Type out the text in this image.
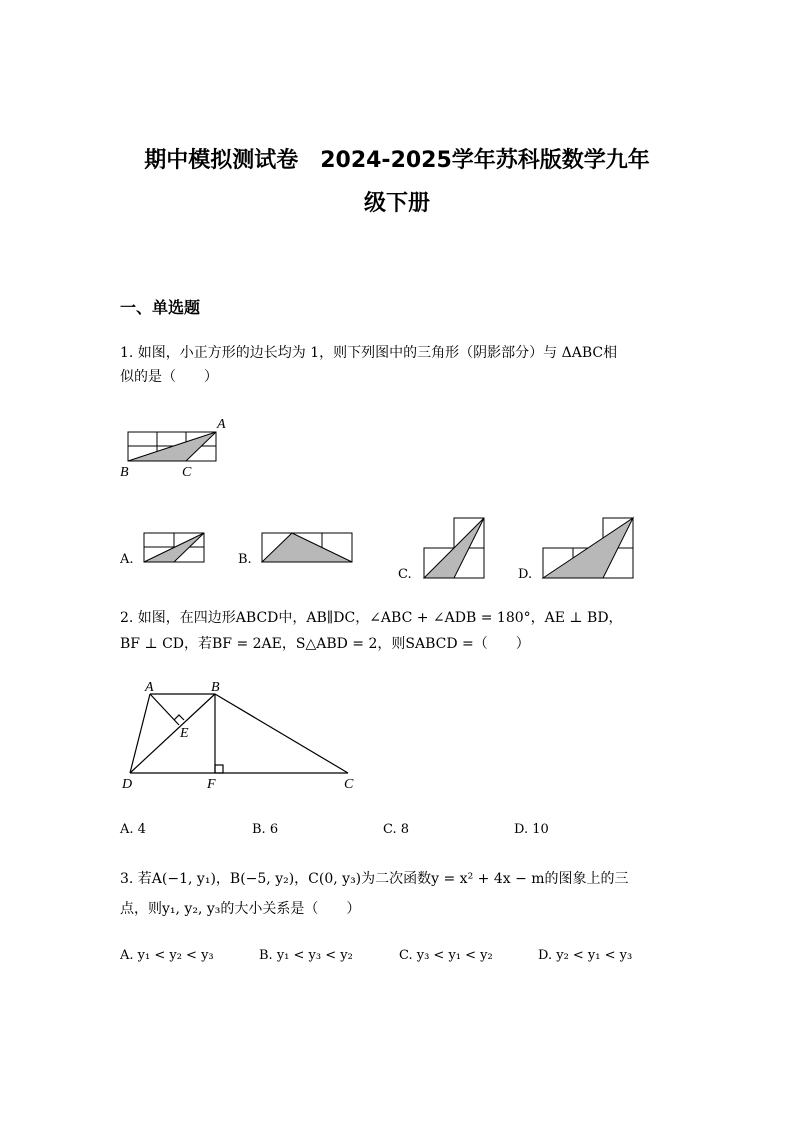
期中模拟测试卷　2024-2025学年苏科版数学九年
级下册
一、单选题
1. 如图，小正方形的边长均为 1，则下列图中的三角形（阴影部分）与 ΔABC相
似的是（　　）
A
B	C
A.	B.
C.	D.
2. 如图，在四边形ABCD中，AB∥DC，∠ABC + ∠ADB = 180°，AE ⊥ BD，
BF ⊥ CD，若BF = 2AE，S△ABD = 2，则SABCD =（　　）
A	B
E
D	F	C
A. 4	B. 6	C. 8	D. 10
3. 若A(−1, y₁)，B(−5, y₂)，C(0, y₃)为二次函数y = x² + 4x − m的图象上的三
点，则y₁, y₂, y₃的大小关系是（　　）
A. y₁ < y₂ < y₃	B. y₁ < y₃ < y₂	C. y₃ < y₁ < y₂	D. y₂ < y₁ < y₃
